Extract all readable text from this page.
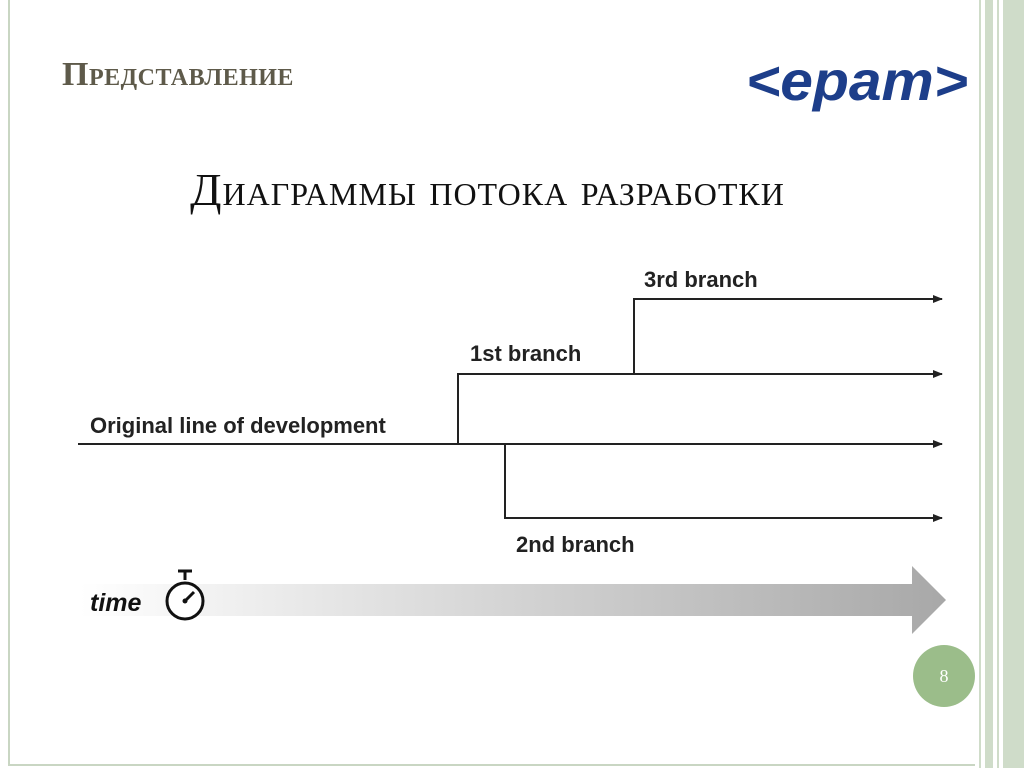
Представление	<epam>
Диаграммы потока разработки
Original line of development
1st branch
3rd branch
2nd branch
time
8
